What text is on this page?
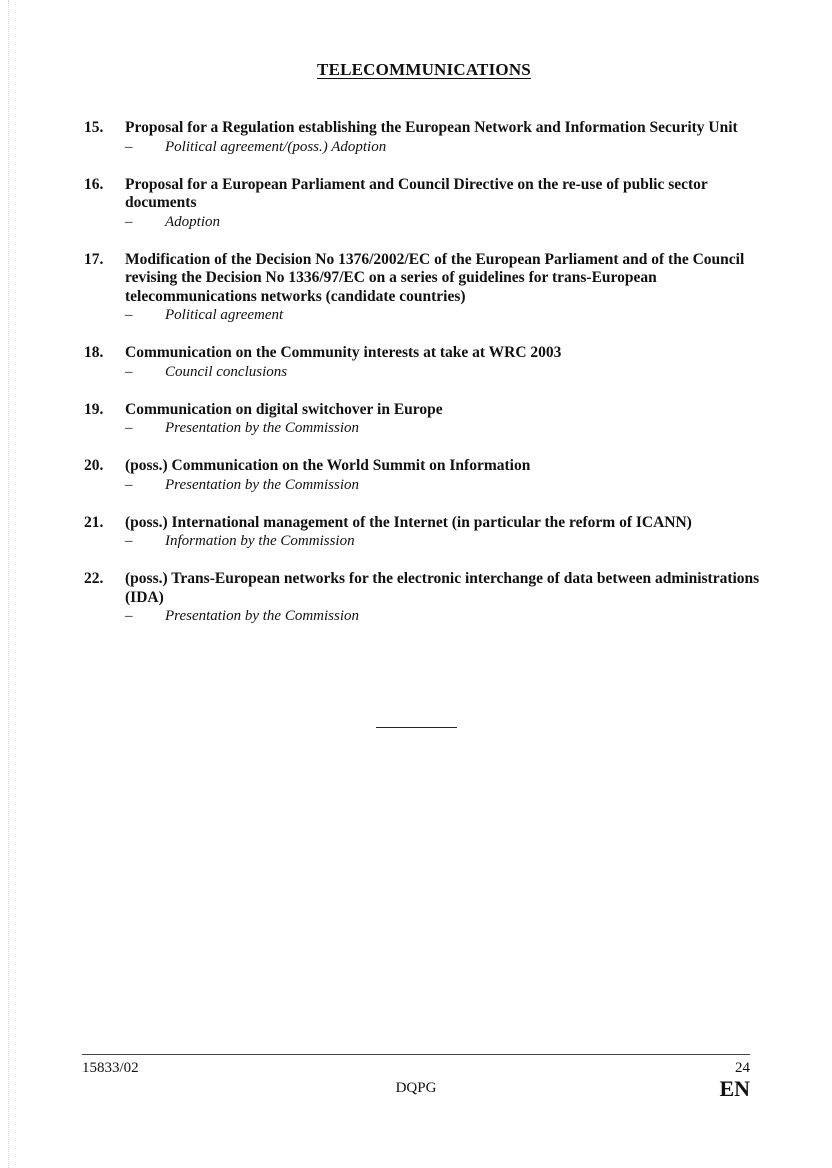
TELECOMMUNICATIONS
15.	Proposal for a Regulation establishing the European Network and Information Security Unit
–	Political agreement/(poss.) Adoption
16.	Proposal for a European Parliament and Council Directive on the re-use of public sector documents
–	Adoption
17.	Modification of the Decision No 1376/2002/EC of the European Parliament and of the Council revising the Decision No 1336/97/EC on a series of guidelines for trans-European telecommunications networks (candidate countries)
–	Political agreement
18.	Communication on the Community interests at take at WRC 2003
–	Council conclusions
19.	Communication on digital switchover in Europe
–	Presentation by the Commission
20.	(poss.) Communication on the World Summit on Information
–	Presentation by the Commission
21.	(poss.) International management of the Internet (in particular the reform of ICANN)
–	Information by the Commission
22.	(poss.) Trans-European networks for the electronic interchange of data between administrations (IDA)
–	Presentation by the Commission
15833/02	24
DQPG	EN
